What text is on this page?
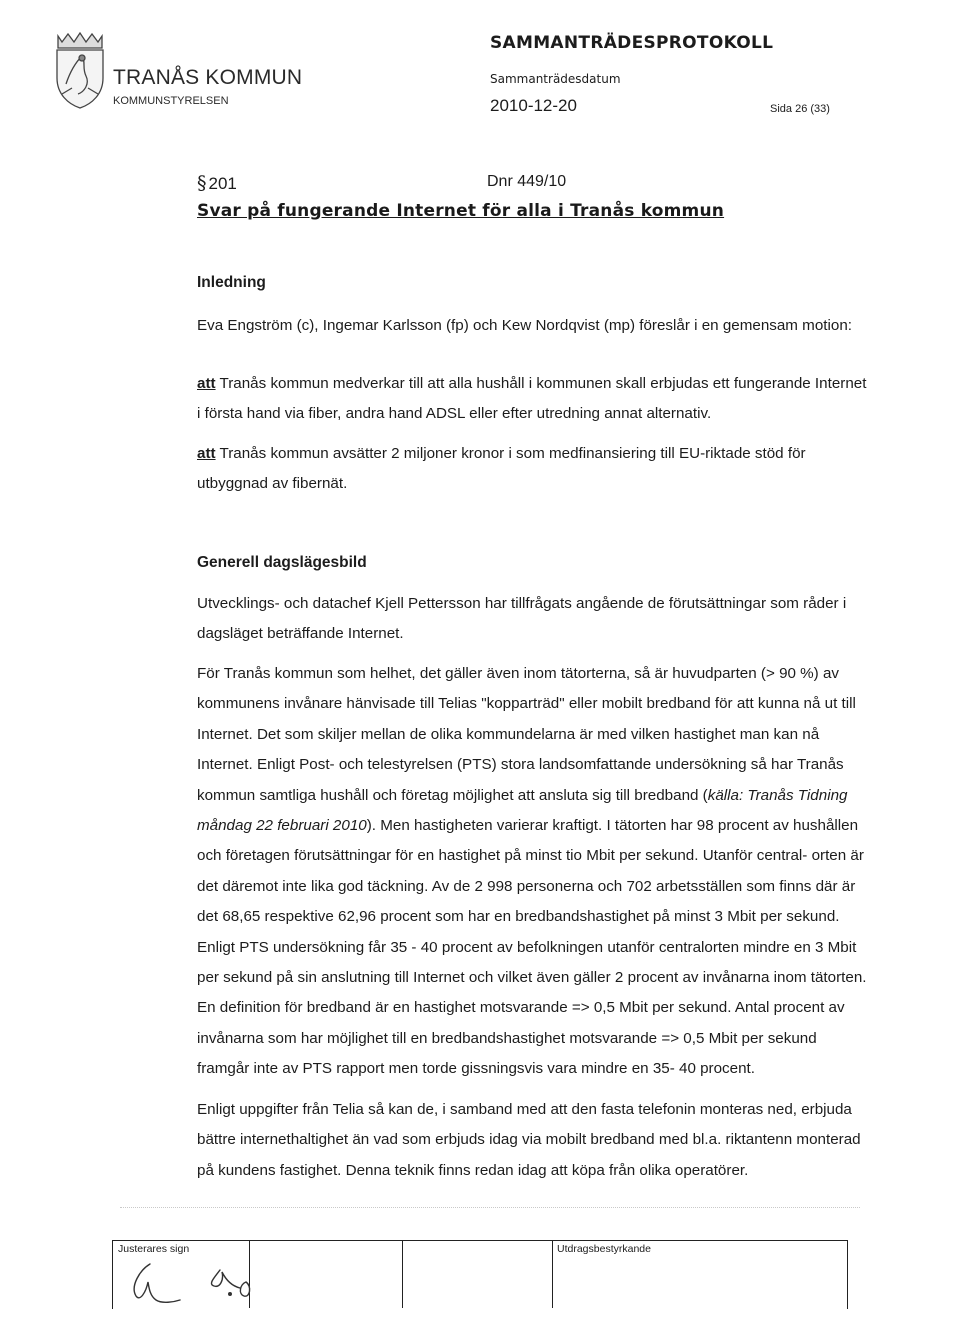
TRANÅS KOMMUN
KOMMUNSTYRELSEN
SAMMANTRÄDESPROTOKOLL
Sammanträdesdatum
2010-12-20	Sida 26 (33)
§ 201	Dnr 449/10
Svar på fungerande Internet för alla i Tranås kommun
Inledning
Eva Engström (c), Ingemar Karlsson (fp) och Kew Nordqvist (mp) föreslår i en gemensam motion:
att Tranås kommun medverkar till att alla hushåll i kommunen skall erbjudas ett fungerande Internet
i första hand via fiber, andra hand ADSL eller efter utredning annat alternativ.
att Tranås kommun avsätter 2 miljoner kronor i som medfinansiering till EU-riktade stöd för
utbyggnad av fibernät.
Generell dagslägesbild
Utvecklings- och datachef Kjell Pettersson har tillfrågats angående de förutsättningar som råder i
dagsläget beträffande Internet.
För Tranås kommun som helhet, det gäller även inom tätorterna, så är huvudparten (> 90 %) av
kommunens invånare hänvisade till Telias "kopparträd" eller mobilt bredband för att kunna nå ut till
Internet. Det som skiljer mellan de olika kommundelarna är med vilken hastighet man kan nå
Internet. Enligt Post- och telestyrelsen (PTS) stora landsomfattande undersökning så har Tranås
kommun samtliga hushåll och företag möjlighet att ansluta sig till bredband (källa: Tranås Tidning
måndag 22 februari 2010). Men hastigheten varierar kraftigt. I tätorten har 98 procent av hushållen
och företagen förutsättningar för en hastighet på minst tio Mbit per sekund. Utanför central- orten är
det däremot inte lika god täckning. Av de 2 998 personerna och 702 arbetsställen som finns där är
det 68,65 respektive 62,96 procent som har en bredbandshastighet på minst 3 Mbit per sekund.
Enligt PTS undersökning får 35 - 40 procent av befolkningen utanför centralorten mindre en 3 Mbit
per sekund på sin anslutning till Internet och vilket även gäller 2 procent av invånarna inom tätorten.
En definition för bredband är en hastighet motsvarande => 0,5 Mbit per sekund. Antal procent av
invånarna som har möjlighet till en bredbandshastighet motsvarande => 0,5 Mbit per sekund
framgår inte av PTS rapport men torde gissningsvis vara mindre en 35- 40 procent.
Enligt uppgifter från Telia så kan de, i samband med att den fasta telefonin monteras ned, erbjuda
bättre internethaltighet än vad som erbjuds idag via mobilt bredband med bl.a. riktantenn monterad
på kundens fastighet. Denna teknik finns redan idag att köpa från olika operatörer.
Justerares sign	Utdragsbestyrkande
